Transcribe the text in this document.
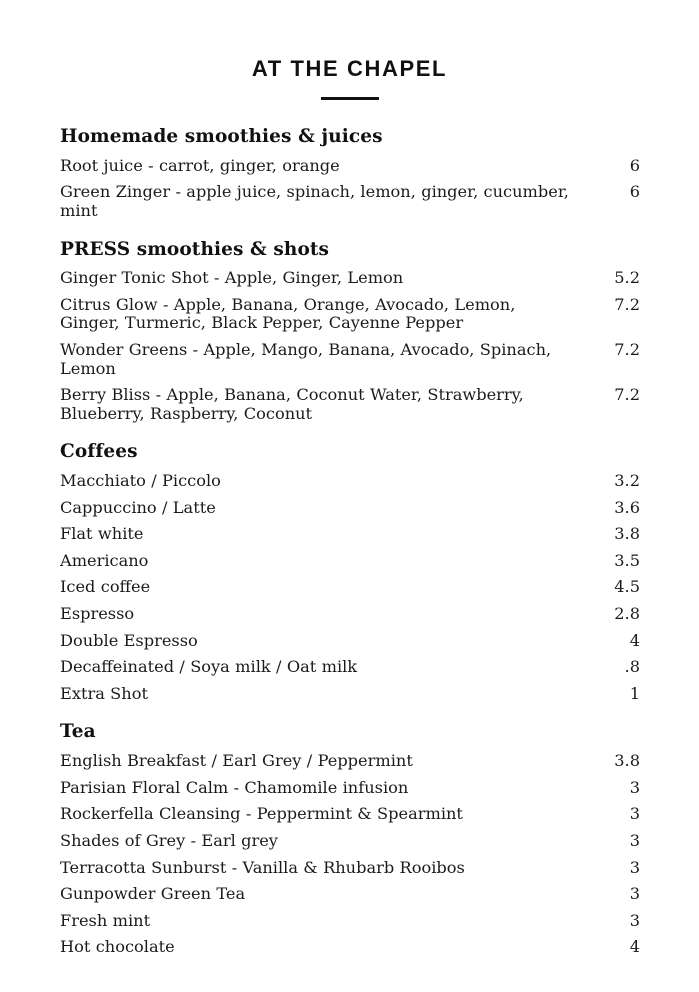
AT THE CHAPEL
Homemade smoothies & juices
Root juice - carrot, ginger, orange	6
Green Zinger - apple juice, spinach, lemon, ginger, cucumber, mint
6
PRESS smoothies & shots
Ginger Tonic Shot - Apple, Ginger, Lemon	5.2
Citrus Glow - Apple, Banana, Orange, Avocado, Lemon, Ginger, Turmeric, Black Pepper, Cayenne Pepper
7.2
Wonder Greens - Apple, Mango, Banana, Avocado, Spinach, Lemon
7.2
Berry Bliss - Apple, Banana, Coconut Water, Strawberry, Blueberry, Raspberry, Coconut
7.2
Coffees
Macchiato / Piccolo	3.2
Cappuccino / Latte	3.6
Flat white	3.8
Americano	3.5
Iced coffee	4.5
Espresso	2.8
Double Espresso	4
Decaffeinated / Soya milk / Oat milk	.8
Extra Shot	1
Tea
English Breakfast / Earl Grey / Peppermint	3.8
Parisian Floral Calm - Chamomile infusion	3
Rockerfella Cleansing - Peppermint & Spearmint	3
Shades of Grey - Earl grey	3
Terracotta Sunburst - Vanilla & Rhubarb Rooibos	3
Gunpowder Green Tea	3
Fresh mint	3
Hot chocolate	4
